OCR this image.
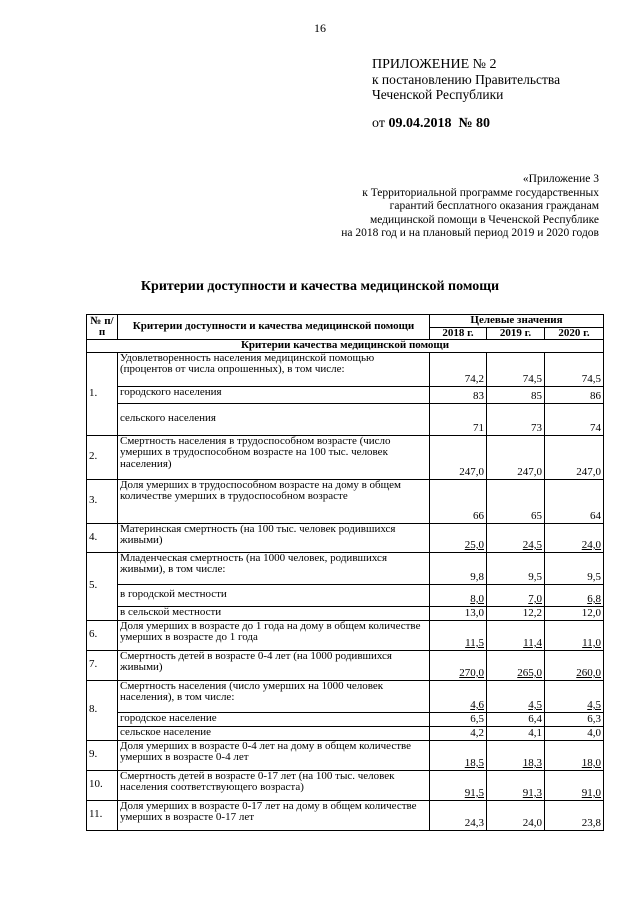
16
ПРИЛОЖЕНИЕ № 2
к постановлению Правительства
Чеченской Республики
от 09.04.2018 № 80
«Приложение 3
к Территориальной программе государственных
гарантий бесплатного оказания гражданам
медицинской помощи в Чеченской Республике
на 2018 год и на плановый период 2019 и 2020 годов
Критерии доступности и качества медицинской помощи
№ п/п	Критерии доступности и качества медицинской помощи	Целевые значения		
		2018 г.	2019 г.	2020 г.
Критерии качества медицинской помощи				
1.	Удовлетворенность населения медицинской помощью (процентов от числа опрошенных), в том числе:	74,2	74,5	74,5
	городского населения	83	85	86
	сельского населения	71	73	74
2.	Смертность населения в трудоспособном возрасте (число умерших в трудоспособном возрасте на 100 тыс. человек населения)	247,0	247,0	247,0
3.	Доля умерших в трудоспособном возрасте на дому в общем количестве умерших в трудоспособном возрасте	66	65	64
4.	Материнская смертность (на 100 тыс. человек родившихся живыми)	25,0	24,5	24,0
5.	Младенческая смертность (на 1000 человек, родившихся живыми), в том числе:	9,8	9,5	9,5
	в городской местности	8,0	7,0	6,8
	в сельской местности	13,0	12,2	12,0
6.	Доля умерших в возрасте до 1 года на дому в общем количестве умерших в возрасте до 1 года	11,5	11,4	11,0
7.	Смертность детей в возрасте 0-4 лет (на 1000 родившихся живыми)	270,0	265,0	260,0
8.	Смертность населения (число умерших на 1000 человек населения), в том числе:	4,6	4,5	4,5
	городское население	6,5	6,4	6,3
	сельское население	4,2	4,1	4,0
9.	Доля умерших в возрасте 0-4 лет на дому в общем количестве умерших в возрасте 0-4 лет	18,5	18,3	18,0
10.	Смертность детей в возрасте 0-17 лет (на 100 тыс. человек населения соответствующего возраста)	91,5	91,3	91,0
11.	Доля умерших в возрасте 0-17 лет на дому в общем количестве умерших в возрасте 0-17 лет	24,3	24,0	23,8
